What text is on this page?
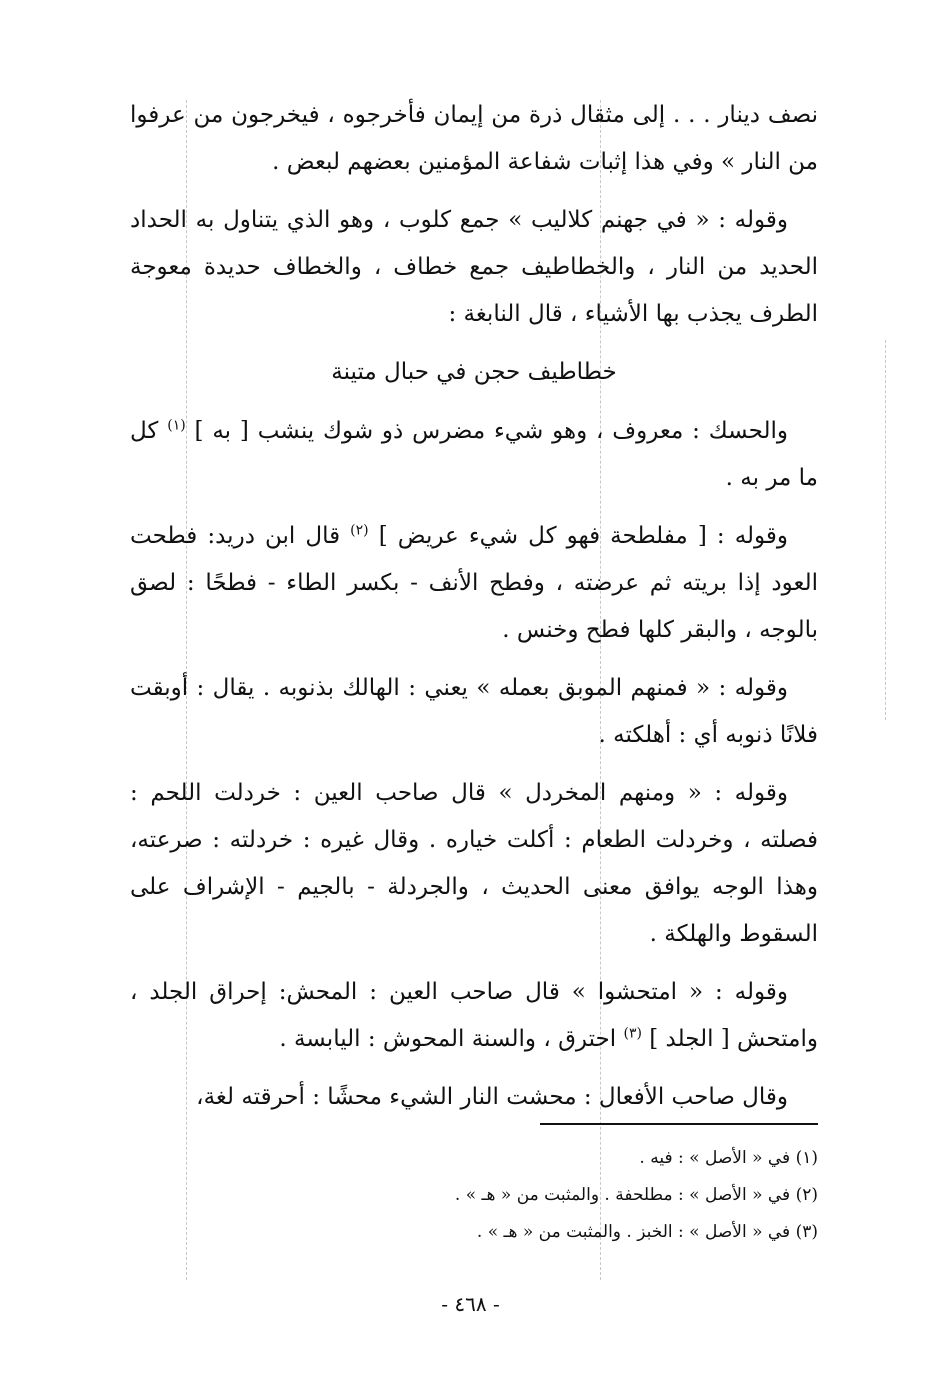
نصف دينار . . . إلى مثقال ذرة من إيمان فأخرجوه ، فيخرجون من عرفوا من النار » وفي هذا إثبات شفاعة المؤمنين بعضهم لبعض .

وقوله : « في جهنم كلاليب » جمع كلوب ، وهو الذي يتناول به الحداد الحديد من النار ، والخطاطيف جمع خطاف ، والخطاف حديدة معوجة الطرف يجذب بها الأشياء ، قال النابغة :

خطاطيف حجن في حبال متينة

والحسك : معروف ، وهو شيء مضرس ذو شوك ينشب [ به ] $^{(١)}$ كل ما مر به .

وقوله : [ مفلطحة فهو كل شيء عريض ] $^{(٢)}$ قال ابن دريد: فطحت العود إذا بريته ثم عرضته ، وفطح الأنف - بكسر الطاء - فطحًا : لصق بالوجه ، والبقر كلها فطح وخنس .

وقوله : « فمنهم الموبق بعمله » يعني : الهالك بذنوبه . يقال : أوبقت فلانًا ذنوبه أي : أهلكته .

وقوله : « ومنهم المخردل » قال صاحب العين : خردلت اللحم : فصلته ، وخردلت الطعام : أكلت خياره . وقال غيره : خردلته : صرعته، وهذا الوجه يوافق معنى الحديث ، والجردلة - بالجيم - الإشراف على السقوط والهلكة .

وقوله : « امتحشوا » قال صاحب العين : المحش: إحراق الجلد ، وامتحش [ الجلد ] $^{(٣)}$ احترق ، والسنة المحوش : اليابسة .

وقال صاحب الأفعال : محشت النار الشيء محشًا : أحرقته لغة،

(١) في « الأصل » : فيه .

(٢) في « الأصل » : مطلحفة . والمثبت من « هـ » .

(٣) في « الأصل » : الخبز . والمثبت من « هـ » .

- ٤٦٨ -
